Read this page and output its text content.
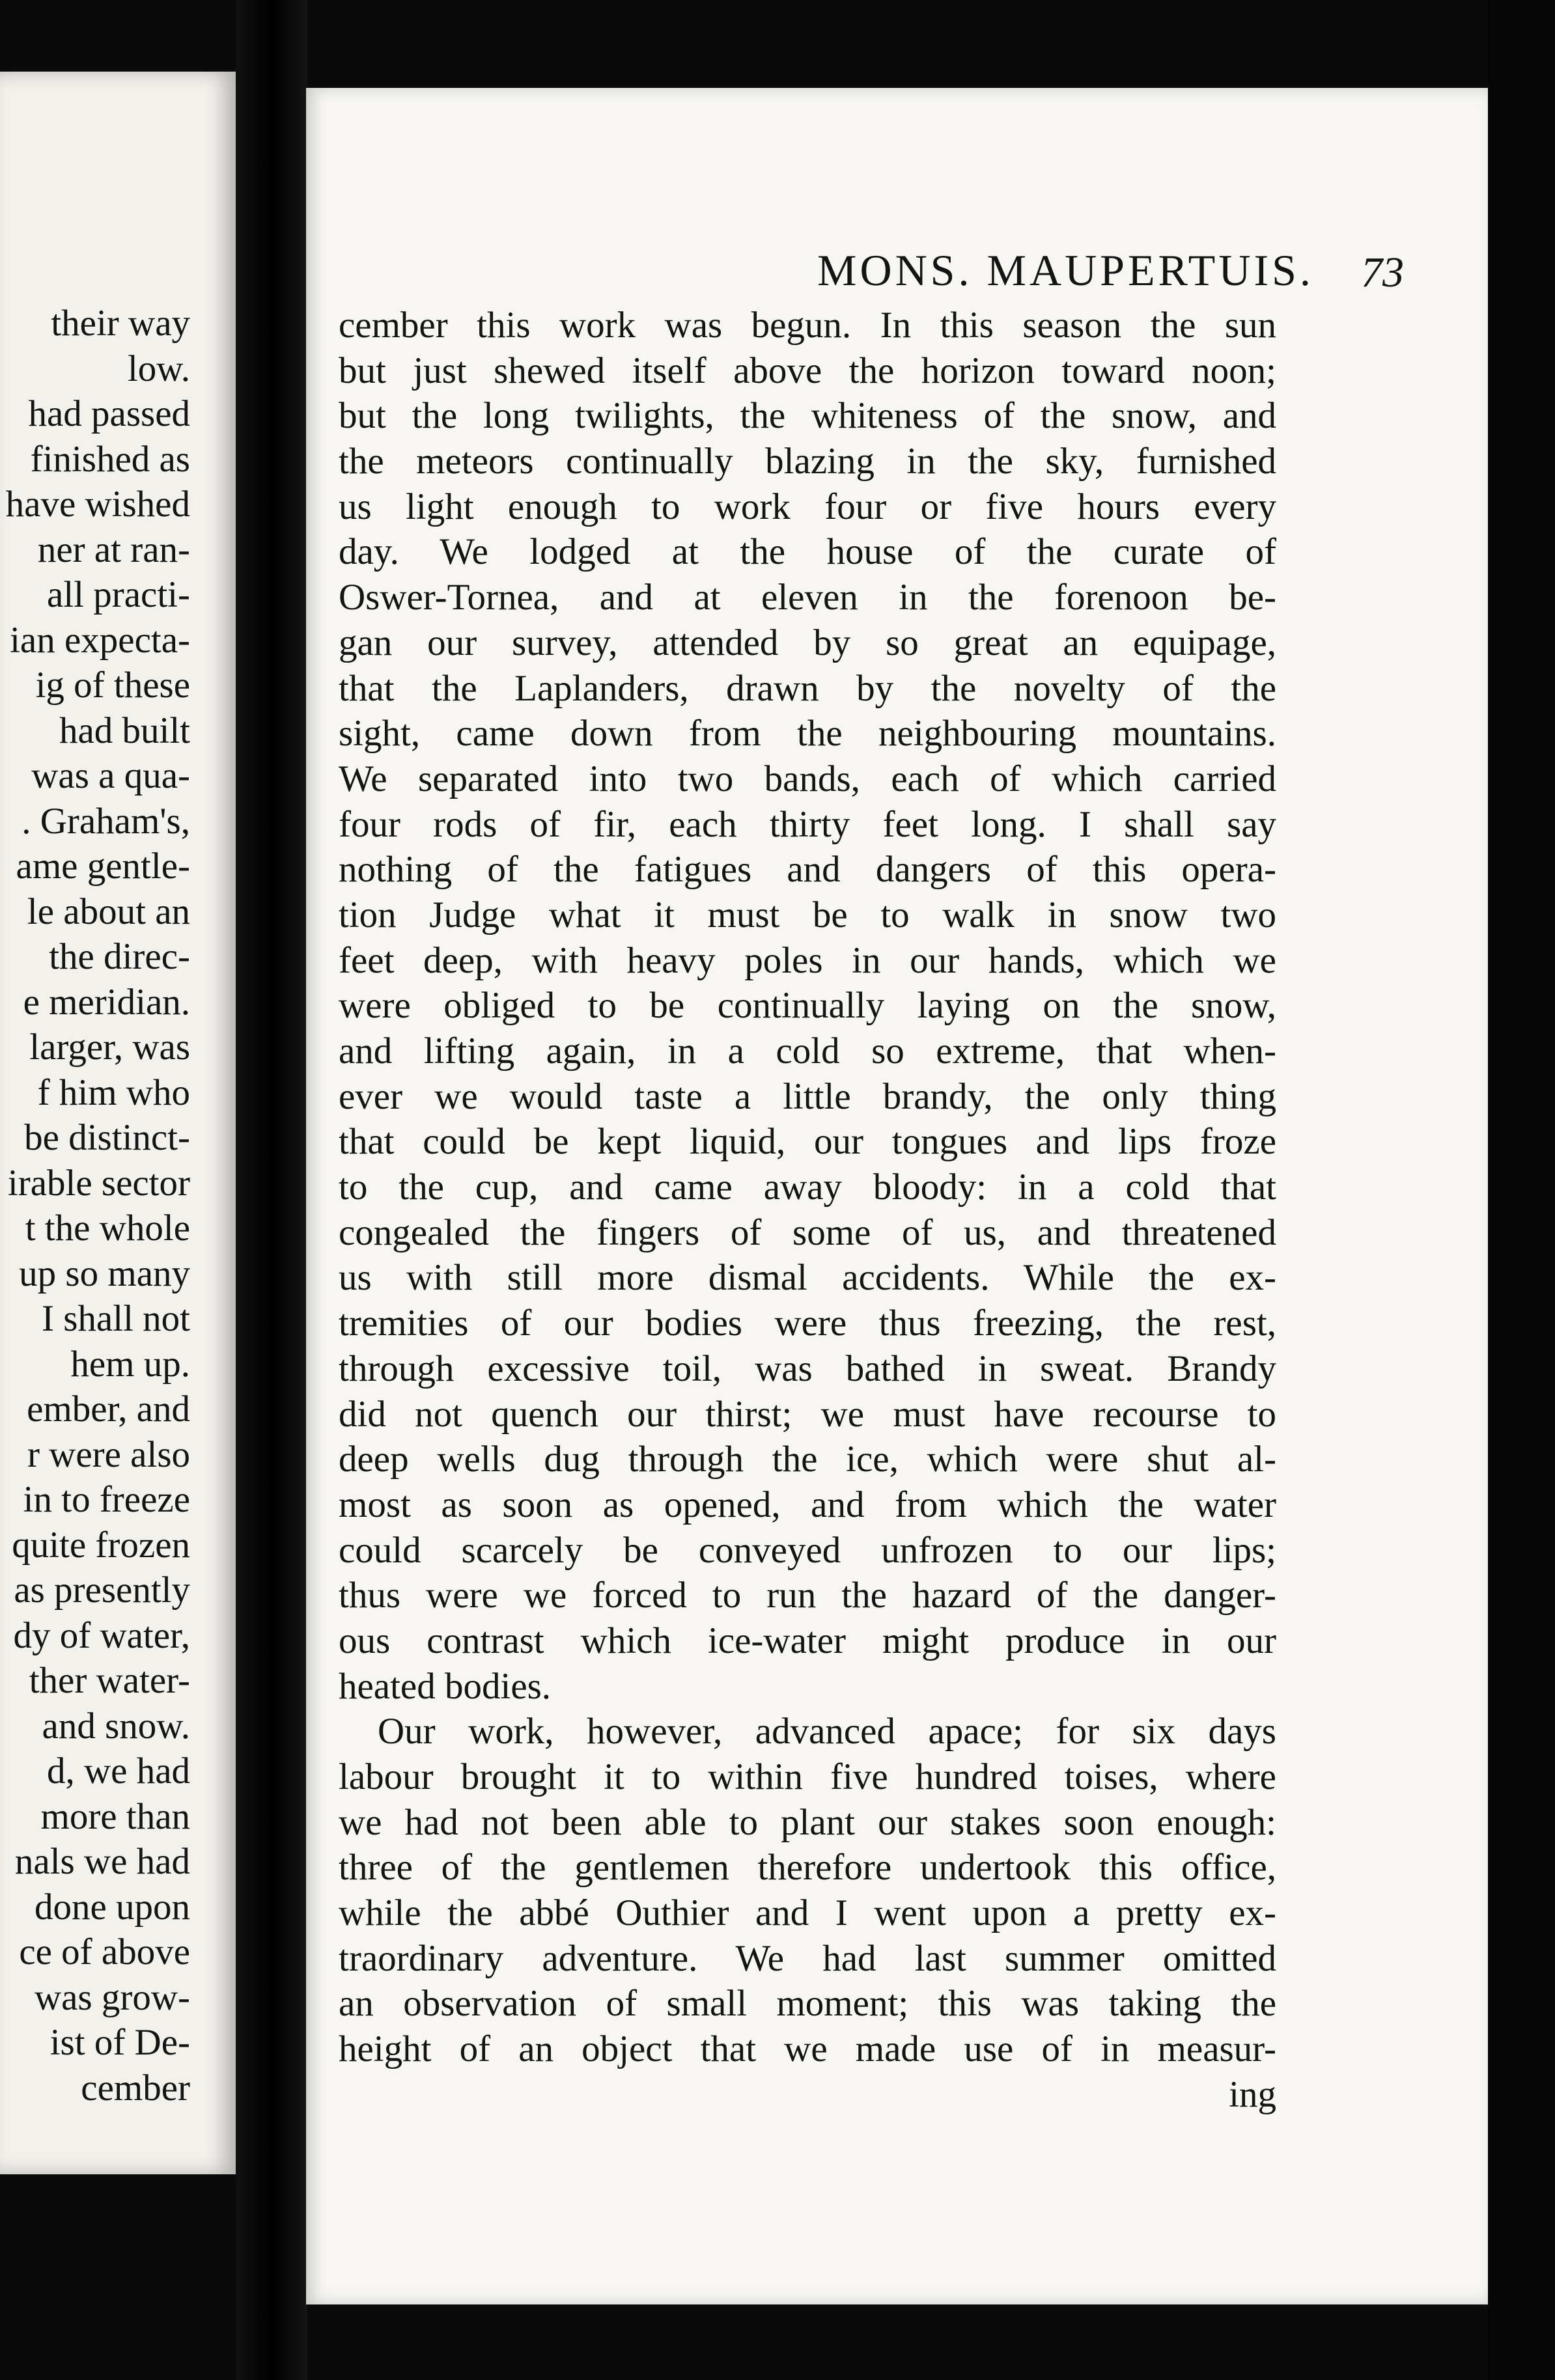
their way
low.
had passed
finished as
have wished
ner at ran-
all practi-
ian expecta-
ig of these
had built
was a qua-
. Graham's,
ame gentle-
le about an
the direc-
e meridian.
larger, was
f him who
be distinct-
irable sector
t the whole
up so many
I shall not
hem up.
ember, and
r were also
in to freeze
quite frozen
as presently
dy of water,
ther water-
and snow.
d, we had
more than
nals we had
done upon
ce of above
was grow-
ist of De-
cember
MONS. MAUPERTUIS. 73
cember this work was begun. In this season the sun
but just shewed itself above the horizon toward noon;
but the long twilights, the whiteness of the snow, and
the meteors continually blazing in the sky, furnished
us light enough to work four or five hours every
day. We lodged at the house of the curate of
Oswer-Tornea, and at eleven in the forenoon be-
gan our survey, attended by so great an equipage,
that the Laplanders, drawn by the novelty of the
sight, came down from the neighbouring mountains.
We separated into two bands, each of which carried
four rods of fir, each thirty feet long. I shall say
nothing of the fatigues and dangers of this opera-
tion Judge what it must be to walk in snow two
feet deep, with heavy poles in our hands, which we
were obliged to be continually laying on the snow,
and lifting again, in a cold so extreme, that when-
ever we would taste a little brandy, the only thing
that could be kept liquid, our tongues and lips froze
to the cup, and came away bloody: in a cold that
congealed the fingers of some of us, and threatened
us with still more dismal accidents. While the ex-
tremities of our bodies were thus freezing, the rest,
through excessive toil, was bathed in sweat. Brandy
did not quench our thirst; we must have recourse to
deep wells dug through the ice, which were shut al-
most as soon as opened, and from which the water
could scarcely be conveyed unfrozen to our lips;
thus were we forced to run the hazard of the danger-
ous contrast which ice-water might produce in our
heated bodies.
Our work, however, advanced apace; for six days
labour brought it to within five hundred toises, where
we had not been able to plant our stakes soon enough:
three of the gentlemen therefore undertook this office,
while the abbé Outhier and I went upon a pretty ex-
traordinary adventure. We had last summer omitted
an observation of small moment; this was taking the
height of an object that we made use of in measur-
ing
